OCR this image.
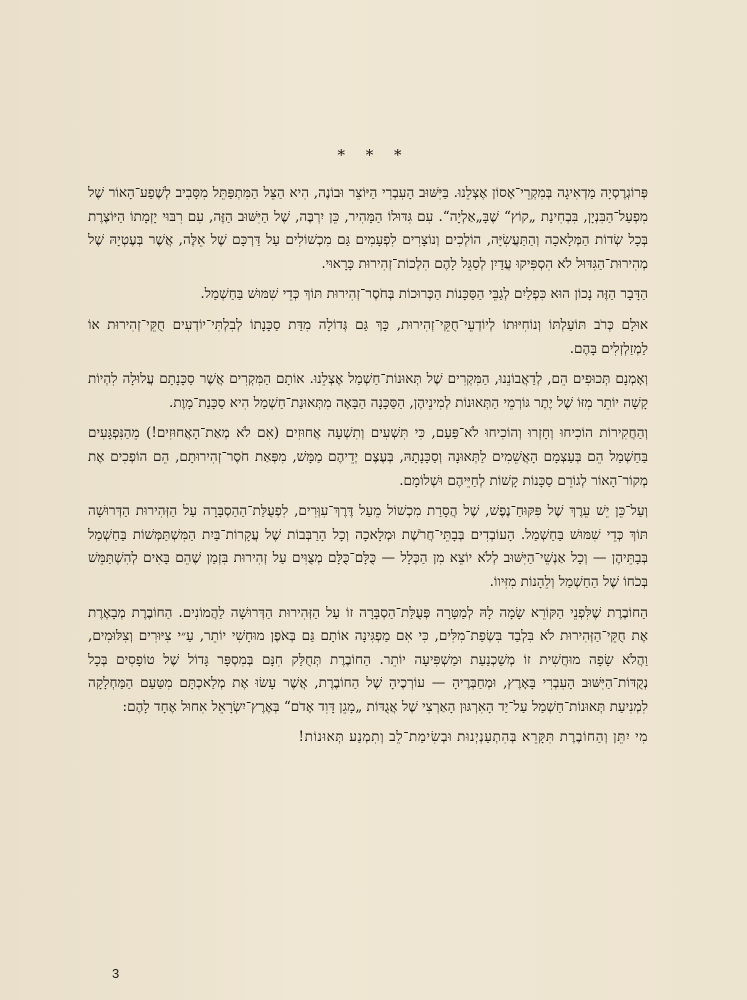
* * *

פְּרוֹגְרֶסְיָה מַדְאִיגָה בְּמִקְרֵי־אָסוֹן אֶצְלֵנוּ. בַּיִּשּׁוּב הָעִבְרִי הַיּוֹצֵר וּבוֹנֶה, הִיא הַצֵּל הַמִּתְפַּתֵּל מִסָּבִיב לְשֶׁפַע־הָאוֹר שֶׁל מִפְעַל־הַבִּנְיָן, בִּבְחִינַת „קוֹץ“ שֶׁבָּ„אַלְיָה“. עִם גִּדּוּלוֹ הַמָּהִיר, כֵּן יִרְבֶּה, שֶׁל הַיִּשּׁוּב הַזֶּה, עִם רִבּוּי יָזְמָתוֹ הַיּוֹצֶרֶת בְּכָל שְׂדוֹת הַמְּלָאכָה וְהַתַּעֲשִׂיָּה, הוֹלְכִים וְנוֹצָרִים לִפְעָמִים גַּם מִכְשׁוֹלִים עַל דַּרְכָּם שֶׁל אֵלֶּה, אֲשֶׁר בְּעֶטְיָהּ שֶׁל מְהִירוּת־הַגִּדּוּל לֹא הִסְפִּיקוּ עֲדַיִן לְסַגֵּל לָהֶם הִלְכוֹת־זְהִירוּת כָּרָאוּי.

הַדָּבָר הַזֶּה נָכוֹן הוּא כִּפְלַיִם לְגַבֵּי הַסַּכָּנוֹת הַכְּרוּכוֹת בְּחֹסֶר־זְהִירוּת תּוֹךְ כְּדֵי שִׁמּוּשׁ בַּחַשְׁמַל.

אוּלָם כְּרֹב תּוֹעַלְתּוֹ וְנוֹחִיּוּתוֹ לְיוֹדְעֵי־חֻקֵּי־זְהִירוּת, כָּךְ גַּם גְּדוֹלָה מִדַּת סַכָּנָתוֹ לְבִלְתִּי־יוֹדְעִים חֻקֵּי־זְהִירוּת אוֹ לַמְזַלְזְלִים בָּהֶם.

וְאָמְנָם תְּכוּפִים הֵם, לְדַאֲבוֹנֵנוּ, הַמִּקְרִים שֶׁל תְּאוּנוֹת־חַשְׁמַל אֶצְלֵנוּ. אוֹתָם הַמִּקְרִים אֲשֶׁר סַכָּנָתָם עֲלוּלָה לִהְיוֹת קָשָׁה יוֹתֵר מִזּוֹ שֶׁל יֶתֶר גּוֹרְמֵי הַתְּאוּנוֹת לְמִינֵיהֶן, הַסַּכָּנָה הַבָּאָה מִתְּאוּנַת־חַשְׁמַל הִיא סַכָּנַת־מָוֶת.

וְהַחֲקִירוֹת הוֹכִיחוּ וְחָזְרוּ וְהוֹכִיחוּ לֹא־פַּעַם, כִּי תִּשְׁעִים וְתִשְׁעָה אֲחוּזִים (אִם לֹא מְאַת־הָאֲחוּזִים!) מֵהַנִּפְגָּעִים בַּחַשְׁמַל הֵם בְּעַצְמָם הָאֲשֵׁמִים לַתְּאוּנָה וְסַכָּנָתָהּ, בְּעֶצֶם יְדֵיהֶם מַמָּשׁ, מִפְּאַת חֹסֶר־זְהִירוּתָם, הֵם הוֹפְכִים אֶת מְקוֹר־הָאוֹר לְגוֹרֵם סַכָּנוֹת קָשׁוֹת לְחַיֵּיהֶם וּשְׁלוֹמָם.

וְעַל־כֵּן יֵשׁ עֵרֶךְ שֶׁל פִּקּוּחַ־נֶפֶשׁ, שֶׁל הֲסָרַת מִכְשׁוֹל מֵעַל דֶּרֶךְ־עִוְּרִים, לִפְעֻלַּת־הַהַסְבָּרָה עַל הַזְּהִירוּת הַדְּרוּשָׁה תּוֹךְ כְּדֵי שִׁמּוּשׁ בַּחַשְׁמַל. הָעוֹבְדִים בְּבָתֵּי־חֲרֹשֶׁת וּמְלָאכָה וְכָל הָרַבְּבוֹת שֶׁל עֲקָרוֹת־בַּיִת הַמִּשְׁתַּמְּשׁוֹת בַּחַשְׁמַל בְּבָתֵּיהֶן — וְכָל אַנְשֵׁי־הַיִּשּׁוּב לְלֹא יוֹצֵא מִן הַכְּלָל — כֻּלָּם־כֻּלָּם מְצֻוִּים עַל זְהִירוּת בִּזְמַן שֶׁהֵם בָּאִים לְהִשְׁתַּמֵּשׁ בְּכֹחוֹ שֶׁל הַחַשְׁמַל וְלֵהָנוֹת מִזִּיווֹ.

הַחוֹבֶרֶת שֶׁלִּפְנֵי הַקּוֹרֵא שָׂמָה לָהּ לְמַטָּרָה פְּעֻלַּת־הַסְבָּרָה זוֹ עַל הַזְּהִירוּת הַדְּרוּשָׁה לַהֲמוֹנִים. הַחוֹבֶרֶת מְבָאֶרֶת אֶת חֻקֵּי־הַזְּהִירוּת לֹא בִּלְבַד בִּשְׂפַת־מִלִּים, כִּי אִם מַפְגִּינָה אוֹתָם גַּם בְּאֹפֶן מוּחָשִׁי יוֹתֵר, עַ״י צִיּוּרִים וְצִלּוּמִים, וַהֲלֹא שָׂפָה מוּחֲשִׁית זוֹ מְשַׁכְנַעַת וּמַשְׁפִּיעָה יוֹתֵר. הַחוֹבֶרֶת תְּחֻלַּק חִנָּם בְּמִסְפָּר גָּדוֹל שֶׁל טוֹפָסִים בְּכָל נְקֻדּוֹת־הַיִּשּׁוּב הָעִבְרִי בָּאָרֶץ, וּמְחַבְּרֶיהָ — עוֹרְכֶיהָ שֶׁל הַחוֹבֶרֶת, אֲשֶׁר עָשׂוּ אֶת מְלַאכְתָּם מִטַּעַם הַמַּחְלָקָה לִמְנִיעַת תְּאוּנוֹת־חַשְׁמַל עַל־יַד הָאִרְגּוּן הָאַרְצִי שֶׁל אֲגֻדּוֹת „מָגֵן דָּוִד אָדֹם“ בְּאֶרֶץ־יִשְׂרָאֵל אִחוּל אֶחָד לָהֶם:

מִי יִתֵּן וְהַחוֹבֶרֶת תִּקָּרֵא בְּהִתְעַנְיְנוּת וּבְשִׂימַת־לֵב וְתִמְנַע תְּאוּנוֹת!

3
